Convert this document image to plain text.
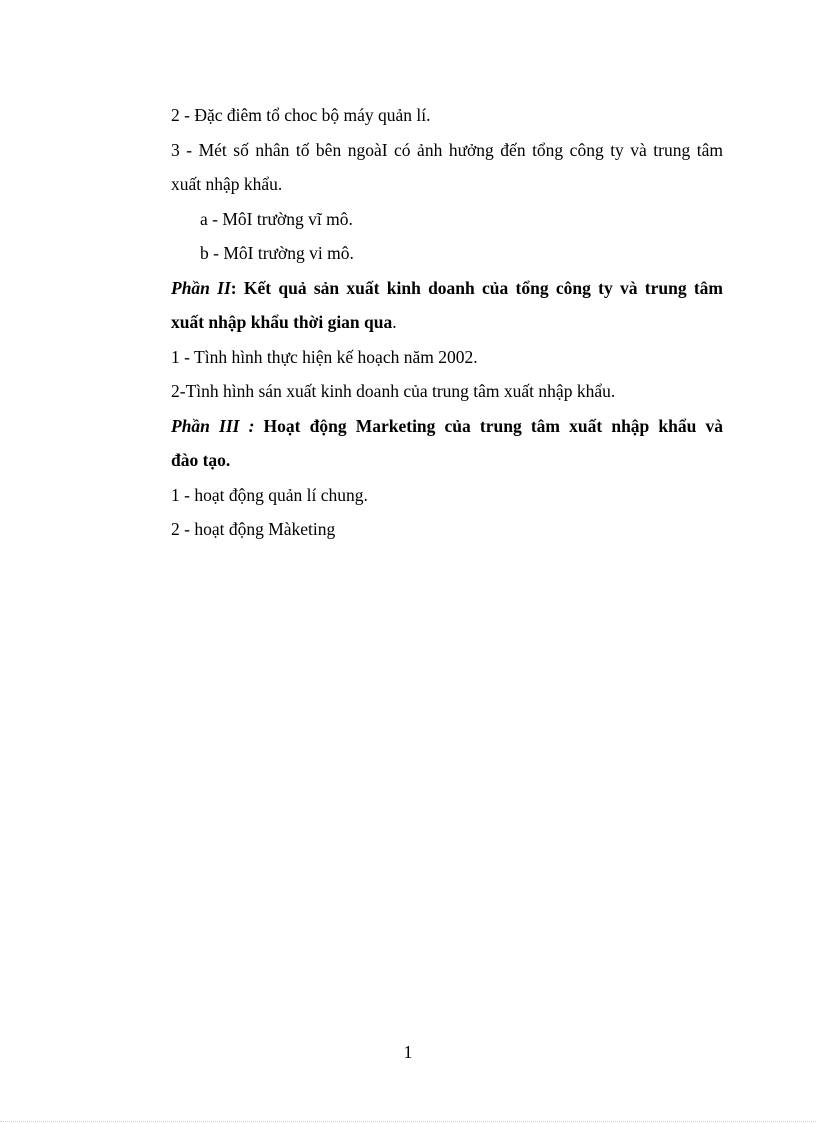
2 - Đặc điêm tổ choc bộ máy quản lí.

3 - Mét số nhân tố bên ngoàI có ảnh hưởng đến tổng công ty và trung tâm

xuất nhập khẩu.

a - MôI trường vĩ mô.

b - MôI trường vi mô.

Phần II: Kết quả sản xuất kinh doanh của tổng công ty và trung tâm

xuất nhập khẩu thời gian qua.

1 - Tình hình thực hiện kế hoạch năm 2002.

2-Tình hình sán xuất kinh doanh của trung tâm xuất nhập khẩu.

Phần III : Hoạt động Marketing của trung tâm xuất nhập khẩu và

đào tạo.

1 - hoạt động quản lí chung.

2 - hoạt động Màketing

1
